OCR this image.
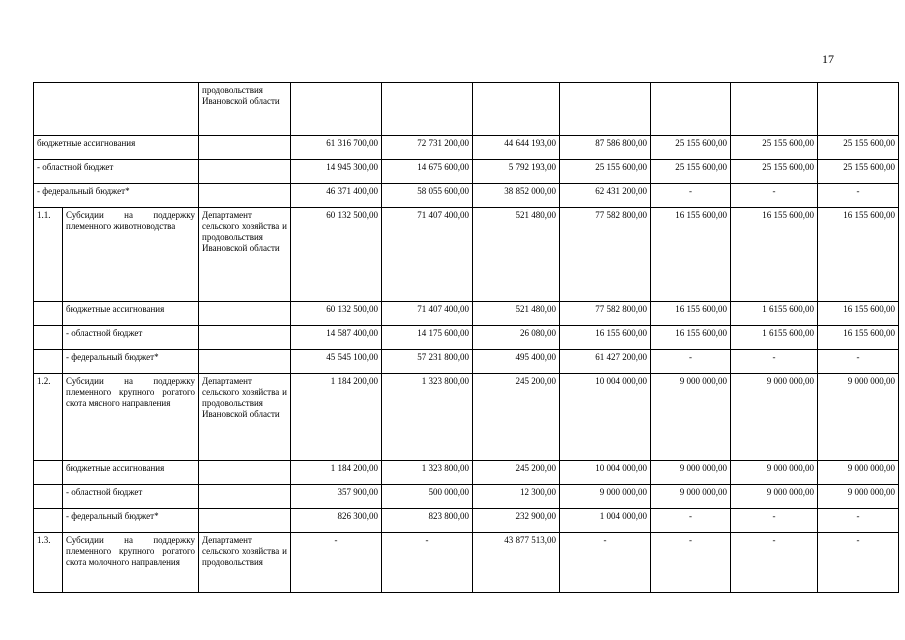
17
		продовольствия Ивановской области							
бюджетные ассигнования			61 316 700,00	72 731 200,00	44 644 193,00	87 586 800,00	25 155 600,00	25 155 600,00	25 155 600,00
- областной бюджет			14 945 300,00	14 675 600,00	5 792 193,00	25 155 600,00	25 155 600,00	25 155 600,00	25 155 600,00
- федеральный бюджет*			46 371 400,00	58 055 600,00	38 852 000,00	62 431 200,00	-	-	-
1.1.	Субсидии на поддержку племенного животноводства	Департамент сельского хозяйства и продовольствия Ивановской области	60 132 500,00	71 407 400,00	521 480,00	77 582 800,00	16 155 600,00	16 155 600,00	16 155 600,00
	бюджетные ассигнования		60 132 500,00	71 407 400,00	521 480,00	77 582 800,00	16 155 600,00	1 6155 600,00	16 155 600,00
	- областной бюджет		14 587 400,00	14 175 600,00	26 080,00	16 155 600,00	16 155 600,00	1 6155 600,00	16 155 600,00
	- федеральный бюджет*		45 545 100,00	57 231 800,00	495 400,00	61 427 200,00	-	-	-
1.2.	Субсидии на поддержку племенного крупного рогатого скота мясного направления	Департамент сельского хозяйства и продовольствия Ивановской области	1 184 200,00	1 323 800,00	245 200,00	10 004 000,00	9 000 000,00	9 000 000,00	9 000 000,00
	бюджетные ассигнования		1 184 200,00	1 323 800,00	245 200,00	10 004 000,00	9 000 000,00	9 000 000,00	9 000 000,00
	- областной бюджет		357 900,00	500 000,00	12 300,00	9 000 000,00	9 000 000,00	9 000 000,00	9 000 000,00
	- федеральный бюджет*		826 300,00	823 800,00	232 900,00	1 004 000,00	-	-	-
1.3.	Субсидии на поддержку племенного крупного рогатого скота молочного направления	Департамент сельского хозяйства и продовольствия	-	-	43 877 513,00	-	-	-	-
